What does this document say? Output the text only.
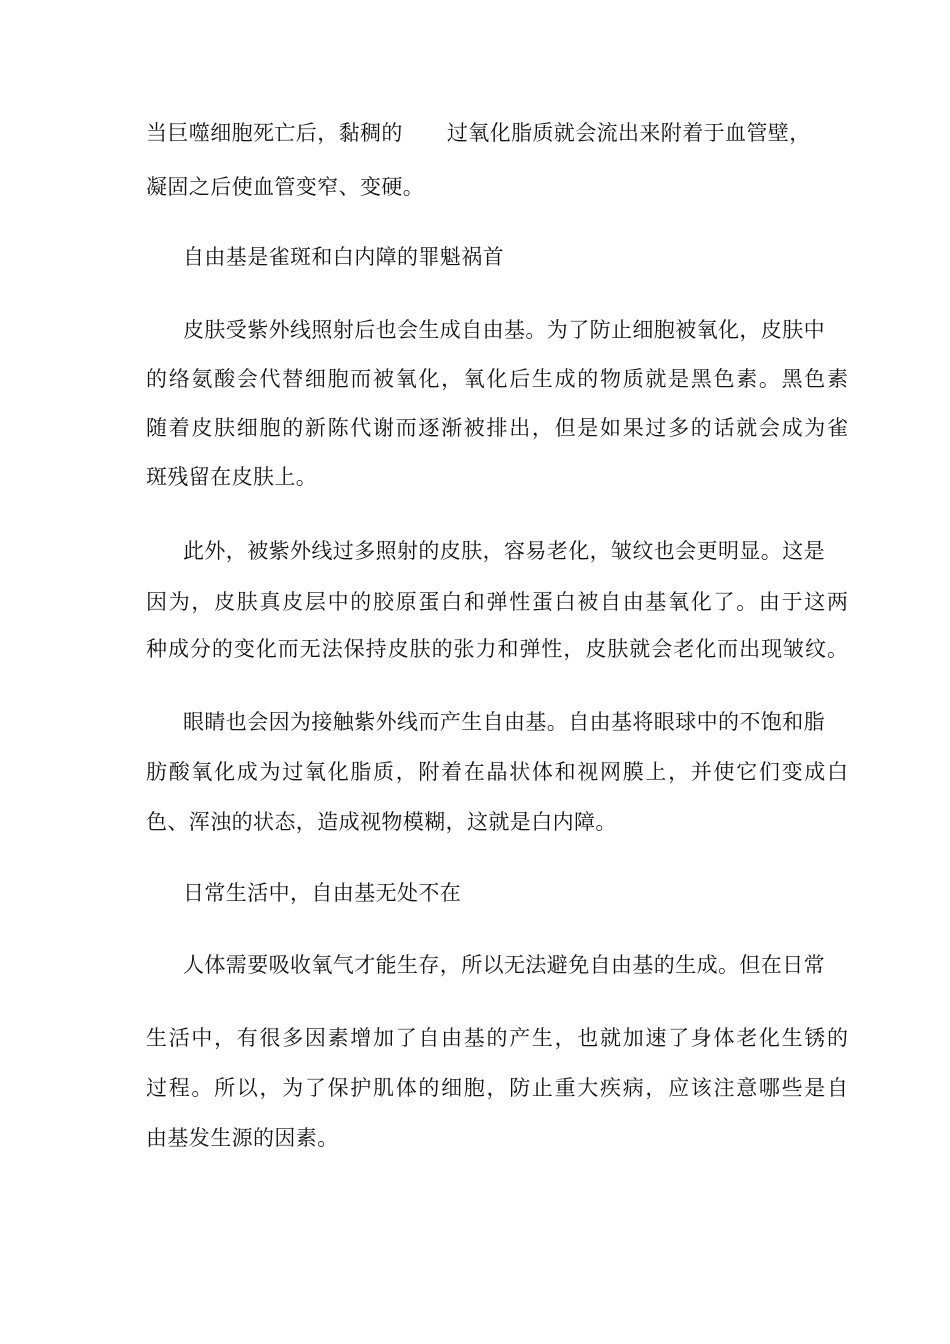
当巨噬细胞死亡后，黏稠的 过氧化脂质就会流出来附着于血管壁，
凝固之后使血管变窄、变硬。
自由基是雀斑和白内障的罪魁祸首
皮肤受紫外线照射后也会生成自由基。为了防止细胞被氧化，皮肤中
的络氨酸会代替细胞而被氧化，氧化后生成的物质就是黑色素。黑色素
随着皮肤细胞的新陈代谢而逐渐被排出，但是如果过多的话就会成为雀
斑残留在皮肤上。
此外，被紫外线过多照射的皮肤，容易老化，皱纹也会更明显。这是
因为，皮肤真皮层中的胶原蛋白和弹性蛋白被自由基氧化了。由于这两
种成分的变化而无法保持皮肤的张力和弹性，皮肤就会老化而出现皱纹。
眼睛也会因为接触紫外线而产生自由基。自由基将眼球中的不饱和脂
肪酸氧化成为过氧化脂质，附着在晶状体和视网膜上，并使它们变成白
色、浑浊的状态，造成视物模糊，这就是白内障。
日常生活中，自由基无处不在
人体需要吸收氧气才能生存，所以无法避免自由基的生成。但在日常
生活中，有很多因素增加了自由基的产生，也就加速了身体老化生锈的
过程。所以，为了保护肌体的细胞，防止重大疾病，应该注意哪些是自
由基发生源的因素。
